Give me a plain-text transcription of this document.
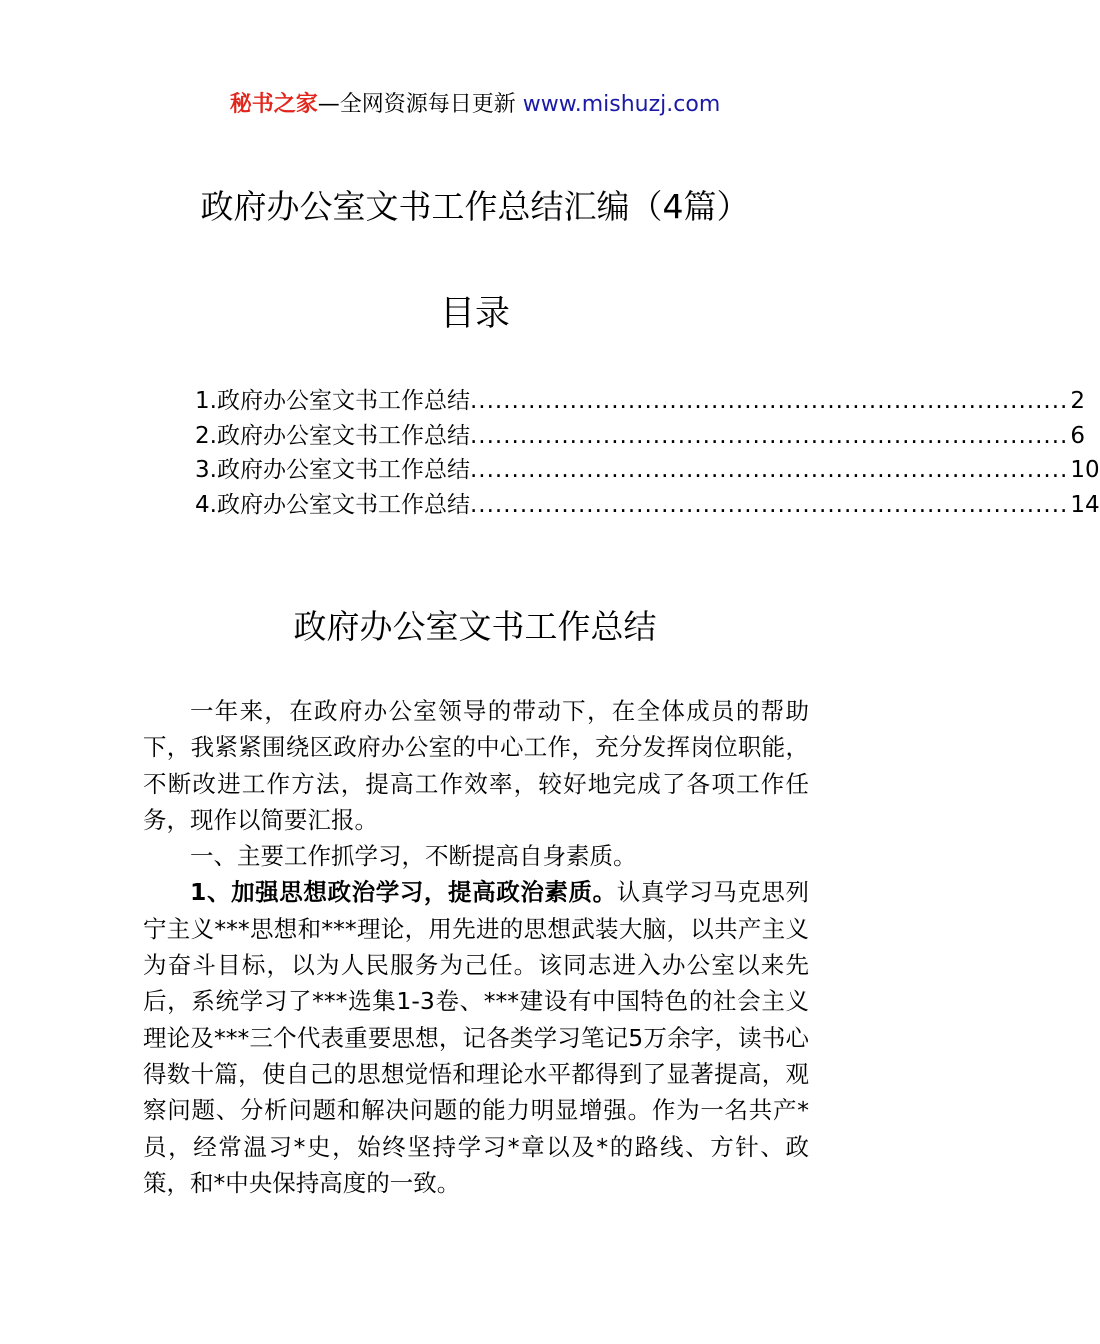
秘书之家—全网资源每日更新 www.mishuzj.com
政府办公室文书工作总结汇编（4篇）
目录
1.政府办公室文书工作总结 ........................................................................ 2
2.政府办公室文书工作总结 ........................................................................ 6
3.政府办公室文书工作总结 ........................................................................ 10
4.政府办公室文书工作总结 ........................................................................ 14
政府办公室文书工作总结

一年来，在政府办公室领导的带动下，在全体成员的帮助下，我紧紧围绕区政府办公室的中心工作，充分发挥岗位职能，不断改进工作方法，提高工作效率，较好地完成了各项工作任务，现作以简要汇报。

一、主要工作抓学习，不断提高自身素质。

1、加强思想政治学习，提高政治素质。认真学习马克思列宁主义***思想和***理论，用先进的思想武装大脑，以共产主义为奋斗目标，以为人民服务为己任。该同志进入办公室以来先后，系统学习了***选集1-3卷、***建设有中国特色的社会主义理论及***三个代表重要思想，记各类学习笔记5万余字，读书心得数十篇，使自己的思想觉悟和理论水平都得到了显著提高，观察问题、分析问题和解决问题的能力明显增强。作为一名共产*员，经常温习*史，始终坚持学习*章以及*的路线、方针、政策，和*中央保持高度的一致。
